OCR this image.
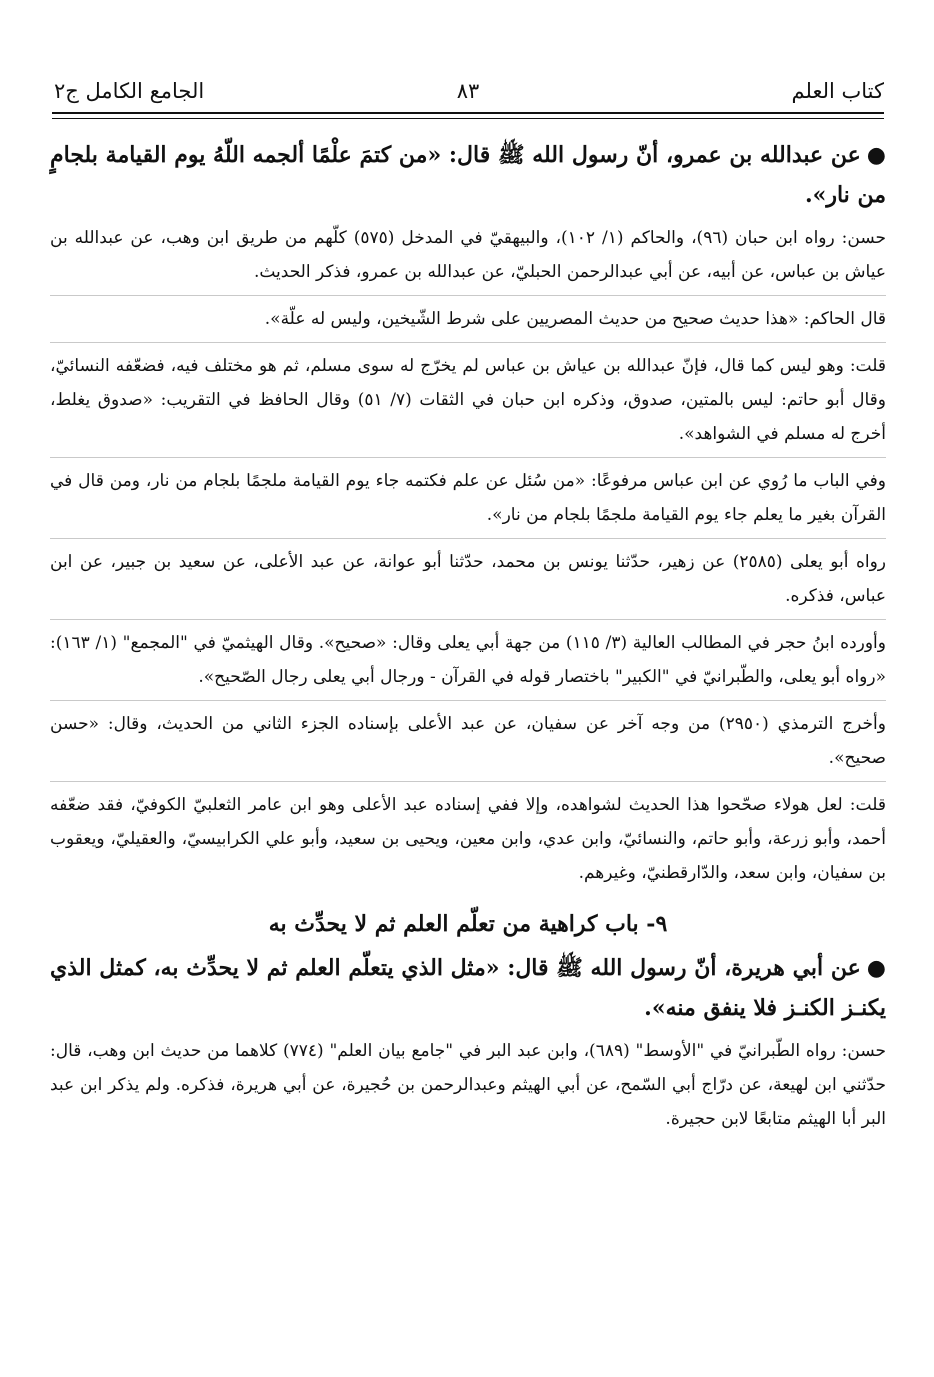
الجامع الكامل ج٢	٨٣	كتاب العلم

●عن عبدالله بن عمرو، أنّ رسول الله ﷺ قال: «من كتمَ علْمًا ألجمه اللّهُ يوم القيامة بلجامٍ من نار».

حسن: رواه ابن حبان (٩٦)، والحاكم (١/ ١٠٢)، والبيهقيّ في المدخل (٥٧٥) كلّهم من طريق ابن وهب، عن عبدالله بن عياش بن عباس، عن أبيه، عن أبي عبدالرحمن الحبليّ، عن عبدالله بن عمرو، فذكر الحديث.

قال الحاكم: «هذا حديث صحيح من حديث المصريين على شرط الشّيخين، وليس له علّة».

قلت: وهو ليس كما قال، فإنّ عبدالله بن عياش بن عباس لم يخرّج له سوى مسلم، ثم هو مختلف فيه، فضعّفه النسائيّ، وقال أبو حاتم: ليس بالمتين، صدوق، وذكره ابن حبان في الثقات (٧/ ٥١) وقال الحافظ في التقريب: «صدوق يغلط، أخرج له مسلم في الشواهد».

وفي الباب ما رُوي عن ابن عباس مرفوعًا: «من سُئل عن علم فكتمه جاء يوم القيامة ملجمًا بلجام من نار، ومن قال في القرآن بغير ما يعلم جاء يوم القيامة ملجمًا بلجام من نار».

رواه أبو يعلى (٢٥٨٥) عن زهير، حدّثنا يونس بن محمد، حدّثنا أبو عوانة، عن عبد الأعلى، عن سعيد بن جبير، عن ابن عباس، فذكره.

وأورده ابنُ حجر في المطالب العالية (٣/ ١١٥) من جهة أبي يعلى وقال: «صحيح». وقال الهيثميّ في "المجمع" (١/ ١٦٣): «رواه أبو يعلى، والطّبرانيّ في "الكبير" باختصار قوله في القرآن - ورجال أبي يعلى رجال الصّحيح».

وأخرج الترمذي (٢٩٥٠) من وجه آخر عن سفيان، عن عبد الأعلى بإسناده الجزء الثاني من الحديث، وقال: «حسن صحيح».

قلت: لعل هولاء صحّحوا هذا الحديث لشواهده، وإلا ففي إسناده عبد الأعلى وهو ابن عامر الثعلبيّ الكوفيّ، فقد ضعّفه أحمد، وأبو زرعة، وأبو حاتم، والنسائيّ، وابن عدي، وابن معين، ويحيى بن سعيد، وأبو علي الكرابيسيّ، والعقيليّ، ويعقوب بن سفيان، وابن سعد، والدّارقطنيّ، وغيرهم.

٩- باب كراهية من تعلّم العلم ثم لا يحدِّث به

●عن أبي هريرة، أنّ رسول الله ﷺ قال: «مثل الذي يتعلّم العلم ثم لا يحدِّث به، كمثل الذي يكنـز الكنـز فلا ينفق منه».

حسن: رواه الطّبرانيّ في "الأوسط" (٦٨٩)، وابن عبد البر في "جامع بيان العلم" (٧٧٤) كلاهما من حديث ابن وهب، قال: حدّثني ابن لهيعة، عن درّاج أبي السّمح، عن أبي الهيثم وعبدالرحمن بن حُجيرة، عن أبي هريرة، فذكره. ولم يذكر ابن عبد البر أبا الهيثم متابعًا لابن حجيرة.
